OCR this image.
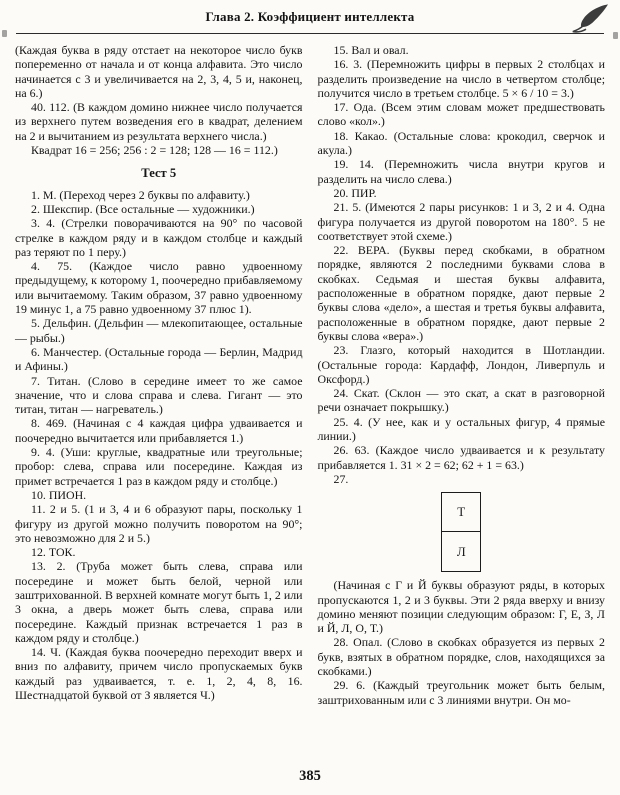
Глава 2. Коэффициент интеллекта

(Каждая буква в ряду отстает на некоторое число букв попеременно от начала и от конца алфавита. Это число начинается с 3 и увеличивается на 2, 3, 4, 5 и, наконец, на 6.)

40. 112. (В каждом домино нижнее число получается из верхнего путем возведения его в квадрат, делением на 2 и вычитанием из результата верхнего числа.)

Квадрат 16 = 256; 256 : 2 = 128; 128 — 16 = 112.)

Тест 5

1. М. (Переход через 2 буквы по алфавиту.)

2. Шекспир. (Все остальные — художники.)

3. 4. (Стрелки поворачиваются на 90° по часовой стрелке в каждом ряду и в каждом столбце и каждый раз теряют по 1 перу.)

4. 75. (Каждое число равно удвоенному предыдущему, к которому 1, поочередно прибавляемому или вычитаемому. Таким образом, 37 равно удвоенному 19 минус 1, а 75 равно удвоенному 37 плюс 1).

5. Дельфин. (Дельфин — млекопитающее, остальные — рыбы.)

6. Манчестер. (Остальные города — Берлин, Мадрид и Афины.)

7. Титан. (Слово в середине имеет то же самое значение, что и слова справа и слева. Гигант — это титан, титан — нагреватель.)

8. 469. (Начиная с 4 каждая цифра удваивается и поочередно вычитается или прибавляется 1.)

9. 4. (Уши: круглые, квадратные или треугольные; пробор: слева, справа или посередине. Каждая из примет встречается 1 раз в каждом ряду и столбце.)

10. ПИОН.

11. 2 и 5. (1 и 3, 4 и 6 образуют пары, поскольку 1 фигуру из другой можно получить поворотом на 90°; это невозможно для 2 и 5.)

12. ТОК.

13. 2. (Труба может быть слева, справа или посередине и может быть белой, черной или заштрихованной. В верхней комнате могут быть 1, 2 или 3 окна, а дверь может быть слева, справа или посередине. Каждый признак встречается 1 раз в каждом ряду и столбце.)

14. Ч. (Каждая буква поочередно переходит вверх и вниз по алфавиту, причем число пропускаемых букв каждый раз удваивается, т. е. 1, 2, 4, 8, 16. Шестнадцатой буквой от З является Ч.)

15. Вал и овал.

16. 3. (Перемножить цифры в первых 2 столбцах и разделить произведение на число в четвертом столбце; получится число в третьем столбце. 5 × 6 / 10 = 3.)

17. Ода. (Всем этим словам может предшествовать слово «кол».)

18. Какао. (Остальные слова: крокодил, сверчок и акула.)

19. 14. (Перемножить числа внутри кругов и разделить на число слева.)

20. ПИР.

21. 5. (Имеются 2 пары рисунков: 1 и 3, 2 и 4. Одна фигура получается из другой поворотом на 180°. 5 не соответствует этой схеме.)

22. ВЕРА. (Буквы перед скобками, в обратном порядке, являются 2 последними буквами слова в скобках. Седьмая и шестая буквы алфавита, расположенные в обратном порядке, дают первые 2 буквы слова «дело», а шестая и третья буквы алфавита, расположенные в обратном порядке, дают первые 2 буквы слова «вера».)

23. Глазго, который находится в Шотландии. (Остальные города: Кардафф, Лондон, Ливерпуль и Оксфорд.)

24. Скат. (Склон — это скат, а скат в разговорной речи означает покрышку.)

25. 4. (У нее, как и у остальных фигур, 4 прямые линии.)

26. 63. (Каждое число удваивается и к результату прибавляется 1. 31 × 2 = 62; 62 + 1 = 63.)

27.

Т
Л

(Начиная с Г и Й буквы образуют ряды, в которых пропускаются 1, 2 и 3 буквы. Эти 2 ряда вверху и внизу домино меняют позиции следующим образом: Г, Е, З, Л и Й, Л, О, Т.)

28. Опал. (Слово в скобках образуется из первых 2 букв, взятых в обратном порядке, слов, находящихся за скобками.)

29. 6. (Каждый треугольник может быть белым, заштрихованным или с 3 линиями внутри. Он мо-

385
